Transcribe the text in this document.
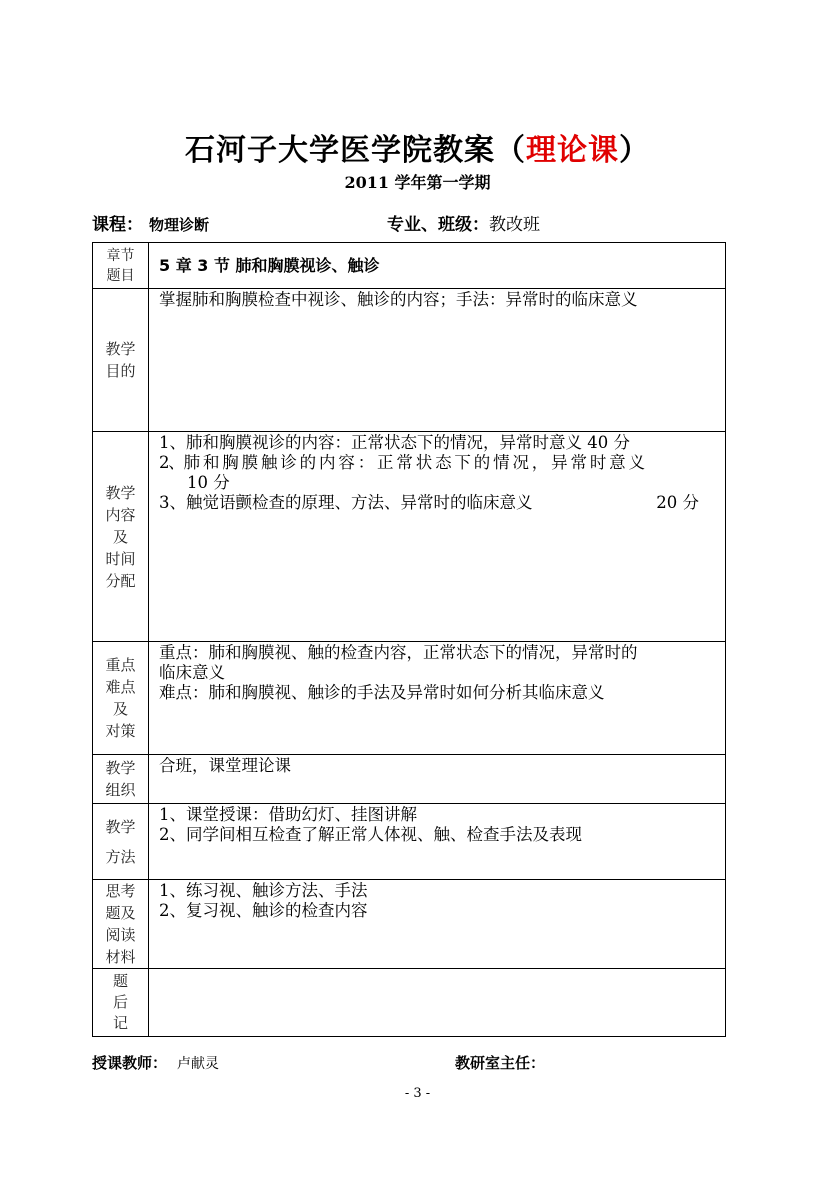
石河子大学医学院教案（理论课）
2011 学年第一学期
课程： 物理诊断	专业、班级：教改班
章节
题目	5 章 3 节 肺和胸膜视诊、触诊

教学
目的	掌握肺和胸膜检查中视诊、触诊的内容；手法：异常时的临床意义

教学
内容
及
时间
分配	1、肺和胸膜视诊的内容：正常状态下的情况，异常时意义 40 分
2、肺 和 胸 膜 触 诊 的 内 容 ： 正 常 状 态 下 的 情 况 ， 异 常 时 意 义
10 分
3、触觉语颤检查的原理、方法、异常时的临床意义 20 分

重点
难点
及
对策	重点：肺和胸膜视、触的检查内容，正常状态下的情况，异常时的
临床意义
难点：肺和胸膜视、触诊的手法及异常时如何分析其临床意义

教学
组织	合班，课堂理论课

教学
方法	1、课堂授课：借助幻灯、挂图讲解
2、同学间相互检查了解正常人体视、触、检查手法及表现

思考
题及
阅读
材料	1、练习视、触诊方法、手法
2、复习视、触诊的检查内容

题
后
记	

授课教师： 卢献灵	教研室主任：
- 3 -
